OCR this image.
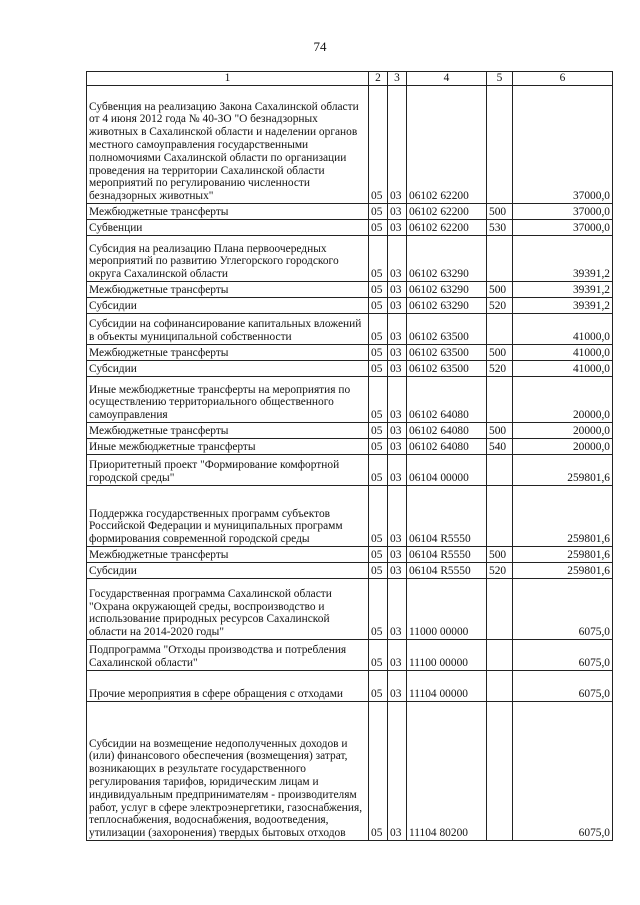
74
1	2	3	4	5	6
Субвенция на реализацию Закона Сахалинской области от 4 июня 2012 года № 40-ЗО "О безнадзорных животных в Сахалинской области и наделении органов местного самоуправления государственными полномочиями Сахалинской области по организации проведения на территории Сахалинской области мероприятий по регулированию численности безнадзорных животных"	05	03	06102 62200		37000,0
Межбюджетные трансферты	05	03	06102 62200	500	37000,0
Субвенции	05	03	06102 62200	530	37000,0
Субсидия на реализацию Плана первоочередных мероприятий по развитию Углегорского городского округа Сахалинской области	05	03	06102 63290		39391,2
Межбюджетные трансферты	05	03	06102 63290	500	39391,2
Субсидии	05	03	06102 63290	520	39391,2
Субсидии на софинансирование капитальных вложений в объекты муниципальной собственности	05	03	06102 63500		41000,0
Межбюджетные трансферты	05	03	06102 63500	500	41000,0
Субсидии	05	03	06102 63500	520	41000,0
Иные межбюджетные трансферты на мероприятия по осуществлению территориального общественного самоуправления	05	03	06102 64080		20000,0
Межбюджетные трансферты	05	03	06102 64080	500	20000,0
Иные межбюджетные трансферты	05	03	06102 64080	540	20000,0
Приоритетный проект "Формирование комфортной городской среды"	05	03	06104 00000		259801,6
Поддержка государственных программ субъектов Российской Федерации и муниципальных программ формирования современной городской среды	05	03	06104 R5550		259801,6
Межбюджетные трансферты	05	03	06104 R5550	500	259801,6
Субсидии	05	03	06104 R5550	520	259801,6
Государственная программа Сахалинской области "Охрана окружающей среды, воспроизводство и использование природных ресурсов Сахалинской области на 2014-2020 годы"	05	03	11000 00000		6075,0
Подпрограмма "Отходы производства и потребления Сахалинской области"	05	03	11100 00000		6075,0
Прочие мероприятия в сфере обращения с отходами	05	03	11104 00000		6075,0
Субсидии на возмещение недополученных доходов и (или) финансового обеспечения (возмещения) затрат, возникающих в результате государственного регулирования тарифов, юридическим лицам и индивидуальным предпринимателям - производителям работ, услуг в сфере электроэнергетики, газоснабжения, теплоснабжения, водоснабжения, водоотведения, утилизации (захоронения) твердых бытовых отходов	05	03	11104 80200		6075,0
